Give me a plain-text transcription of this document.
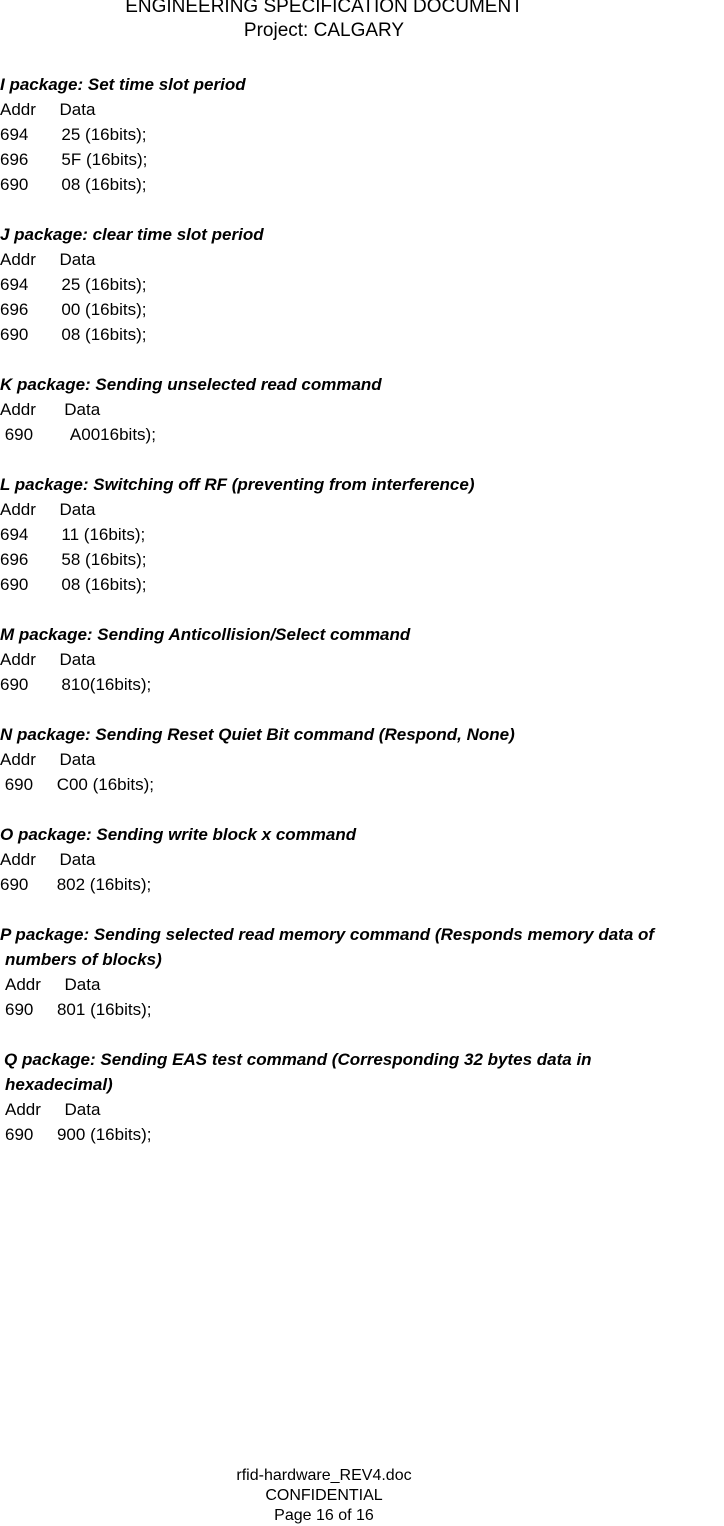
ENGINEERING SPECIFICATION DOCUMENT
Project: CALGARY
I package: Set time slot period
Addr     Data
694       25 (16bits);
696       5F (16bits);
690       08 (16bits);
J package: clear time slot period
Addr     Data
694       25 (16bits);
696       00 (16bits);
690       08 (16bits);
K package: Sending unselected read command
Addr      Data
690        A0016bits);
L package: Switching off RF (preventing from interference)
Addr     Data
694       11 (16bits);
696       58 (16bits);
690       08 (16bits);
M package: Sending Anticollision/Select command
Addr     Data
690       810(16bits);
N package: Sending Reset Quiet Bit command (Respond, None)
Addr     Data
690     C00 (16bits);
O package: Sending write block x command
Addr     Data
690      802 (16bits);
P package: Sending selected read memory command (Responds memory data of
numbers of blocks)
Addr     Data
690     801 (16bits);
Q package: Sending EAS test command (Corresponding 32 bytes data in
hexadecimal)
Addr     Data
690     900 (16bits);
rfid-hardware_REV4.doc
CONFIDENTIAL
Page 16 of 16
